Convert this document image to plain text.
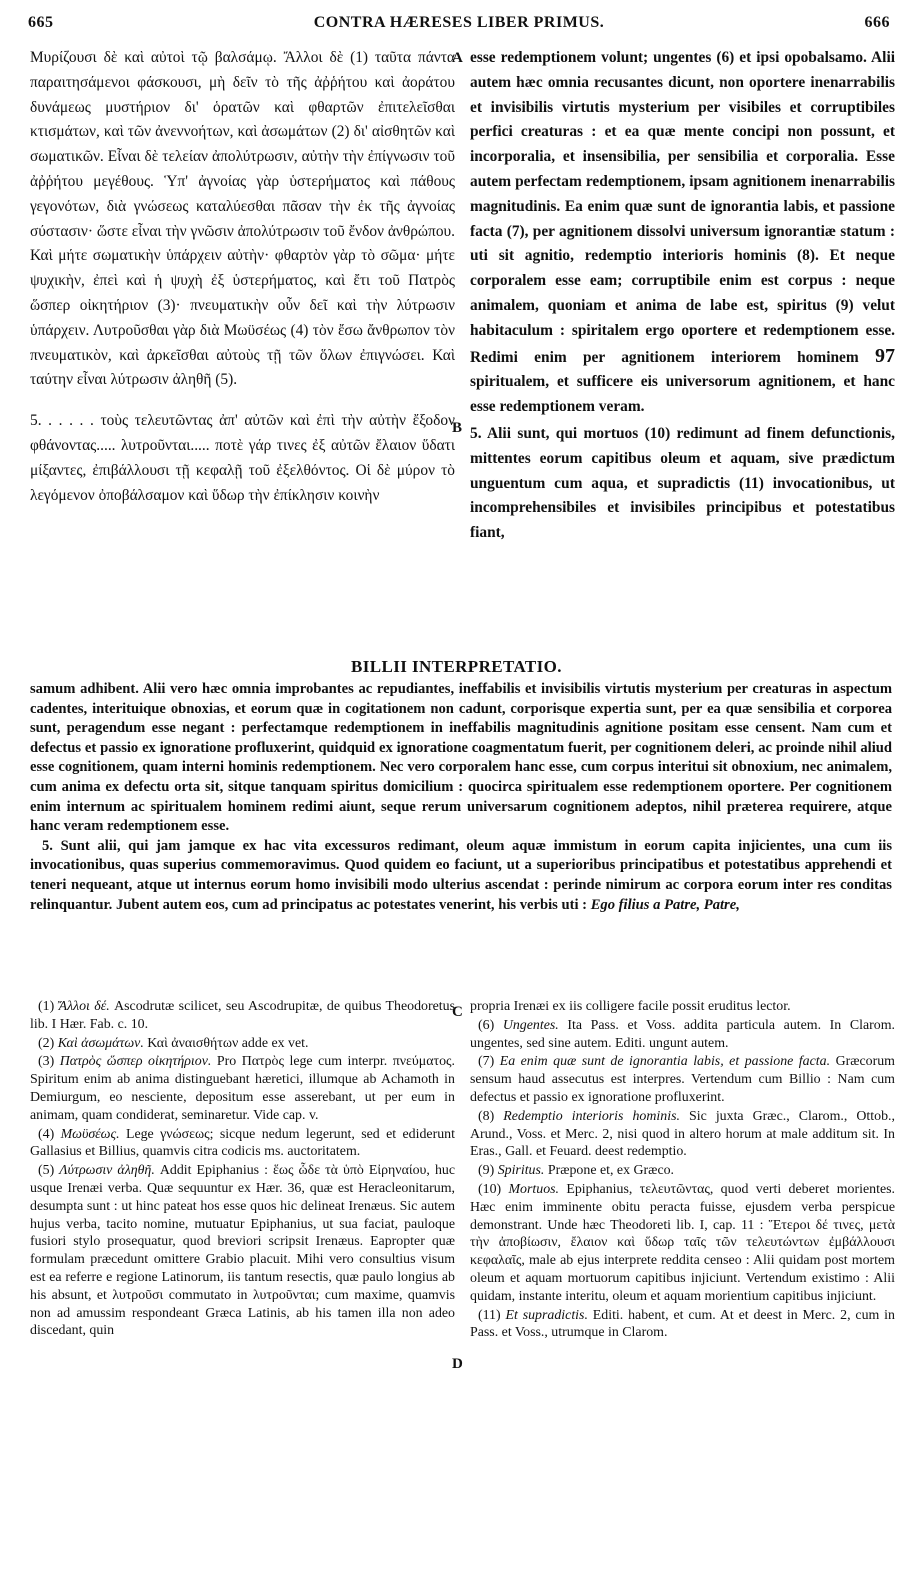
665	CONTRA HÆRESES LIBER PRIMUS.	666
A
B
C
D

Μυρίζουσι δὲ καὶ αὐτοὶ τῷ βαλσάμῳ. Ἄλλοι δὲ (1) ταῦτα πάντα παραιτησάμενοι φάσκουσι, μὴ δεῖν τὸ τῆς ἀῤῥήτου καὶ ἀοράτου δυνάμεως μυστήριον δι' ὁρατῶν καὶ φθαρτῶν ἐπιτελεῖσθαι κτισμάτων, καὶ τῶν ἀνεννοήτων, καὶ ἀσωμάτων (2) δι' αἰσθητῶν καὶ σωματικῶν. Εἶναι δὲ τελείαν ἀπολύτρωσιν, αὐτὴν τὴν ἐπίγνωσιν τοῦ ἀῤῥήτου μεγέθους. Ὑπ' ἀγνοίας γὰρ ὑστερήματος καὶ πάθους γεγονότων, διὰ γνώσεως καταλύεσθαι πᾶσαν τὴν ἐκ τῆς ἀγνοίας σύστασιν· ὥστε εἶναι τὴν γνῶσιν ἀπολύτρωσιν τοῦ ἔνδον ἀνθρώπου. Καὶ μήτε σωματικὴν ὑπάρχειν αὐτὴν· φθαρτὸν γὰρ τὸ σῶμα· μήτε ψυχικὴν, ἐπεὶ καὶ ἡ ψυχὴ ἐξ ὑστερήματος, καὶ ἔτι τοῦ Πατρὸς ὥσπερ οἰκητήριον (3)· πνευματικὴν οὖν δεῖ καὶ τὴν λύτρωσιν ὑπάρχειν. Λυτροῦσθαι γὰρ διὰ Μωϋσέως (4) τὸν ἔσω ἄνθρωπον τὸν πνευματικὸν, καὶ ἀρκεῖσθαι αὐτοὺς τῇ τῶν ὅλων ἐπιγνώσει. Καὶ ταύτην εἶναι λύτρωσιν ἀληθῆ (5).

5. . . . . . τοὺς τελευτῶντας ἀπ' αὐτῶν καὶ ἐπὶ τὴν αὐτὴν ἔξοδον φθάνοντας..... λυτροῦνται..... ποτὲ γάρ τινες ἐξ αὐτῶν ἔλαιον ὕδατι μίξαντες, ἐπιβάλλουσι τῇ κεφαλῇ τοῦ ἐξελθόντος. Οἱ δὲ μύρον τὸ λεγόμενον ὀποβάλσαμον καὶ ὕδωρ τὴν ἐπίκλησιν κοινὴν

esse redemptionem volunt; ungentes (6) et ipsi opobalsamo. Alii autem hæc omnia recusantes dicunt, non oportere inenarrabilis et invisibilis virtutis mysterium per visibiles et corruptibiles perfici creaturas : et ea quæ mente concipi non possunt, et incorporalia, et insensibilia, per sensibilia et corporalia. Esse autem perfectam redemptionem, ipsam agnitionem inenarrabilis magnitudinis. Ea enim quæ sunt de ignorantia labis, et passione facta (7), per agnitionem dissolvi universum ignorantiæ statum : uti sit agnitio, redemptio interioris hominis (8). Et neque corporalem esse eam; corruptibile enim est corpus : neque animalem, quoniam et anima de labe est, spiritus (9) velut habitaculum : spiritalem ergo oportere et redemptionem esse. Redimi enim per agnitionem interiorem hominem 97 spiritualem, et sufficere eis universorum agnitionem, et hanc esse redemptionem veram.

5. Alii sunt, qui mortuos (10) redimunt ad finem defunctionis, mittentes eorum capitibus oleum et aquam, sive prædictum unguentum cum aqua, et supradictis (11) invocationibus, ut incomprehensibiles et invisibiles principibus et potestatibus fiant,

BILLII INTERPRETATIO.

samum adhibent. Alii vero hæc omnia improbantes ac repudiantes, ineffabilis et invisibilis virtutis mysterium per creaturas in aspectum cadentes, interituique obnoxias, et eorum quæ in cogitationem non cadunt, corporisque expertia sunt, per ea quæ sensibilia et corporea sunt, peragendum esse negant : perfectamque redemptionem in ineffabilis magnitudinis agnitione positam esse censent. Nam cum et defectus et passio ex ignoratione profluxerint, quidquid ex ignoratione coagmentatum fuerit, per cognitionem deleri, ac proinde nihil aliud esse cognitionem, quam interni hominis redemptionem. Nec vero corporalem hanc esse, cum corpus interitui sit obnoxium, nec animalem, cum anima ex defectu orta sit, sitque tanquam spiritus domicilium : quocirca spiritualem esse redemptionem oportere. Per cognitionem enim internum ac spiritualem hominem redimi aiunt, seque rerum universarum cognitionem adeptos, nihil præterea requirere, atque hanc veram redemptionem esse.

5. Sunt alii, qui jam jamque ex hac vita excessuros redimant, oleum aquæ immistum in eorum capita injicientes, una cum iis invocationibus, quas superius commemoravimus. Quod quidem eo faciunt, ut a superioribus principatibus et potestatibus apprehendi et teneri nequeant, atque ut internus eorum homo invisibili modo ulterius ascendat : perinde nimirum ac corpora eorum inter res conditas relinquantur. Jubent autem eos, cum ad principatus ac potestates venerint, his verbis uti : Ego filius a Patre, Patre,

(1) Ἄλλοι δέ. Ascodrutæ scilicet, seu Ascodrupitæ, de quibus Theodoretus lib. I Hær. Fab. c. 10.

(2) Καὶ ἀσωμάτων. Καὶ ἀναισθήτων adde ex vet.

(3) Πατρὸς ὥσπερ οἰκητήριον. Pro Πατρὸς lege cum interpr. πνεύματος. Spiritum enim ab anima distinguebant hæretici, illumque ab Achamoth in Demiurgum, eo nesciente, depositum esse asserebant, ut per eum in animam, quam condiderat, seminaretur. Vide cap. v.

(4) Μωϋσέως. Lege γνώσεως; sicque nedum legerunt, sed et ediderunt Gallasius et Billius, quamvis citra codicis ms. auctoritatem.

(5) Λύτρωσιν ἀληθῆ. Addit Epiphanius : ἕως ὧδε τὰ ὑπὸ Εἰρηναίου, huc usque Irenæi verba. Quæ sequuntur ex Hær. 36, quæ est Heracleonitarum, desumpta sunt : ut hinc pateat hos esse quos hic delineat Irenæus. Sic autem hujus verba, tacito nomine, mutuatur Epiphanius, ut sua faciat, pauloque fusiori stylo prosequatur, quod breviori scripsit Irenæus. Eapropter quæ formulam præcedunt omittere Grabio placuit. Mihi vero consultius visum est ea referre e regione Latinorum, iis tantum resectis, quæ paulo longius ab his absunt, et λυτροῦσι commutato in λυτροῦνται; cum maxime, quamvis non ad amussim respondeant Græca Latinis, ab his tamen illa non adeo discedant, quin

propria Irenæi ex iis colligere facile possit eruditus lector.

(6) Ungentes. Ita Pass. et Voss. addita particula autem. In Clarom. ungentes, sed sine autem. Editi. ungunt autem.

(7) Ea enim quæ sunt de ignorantia labis, et passione facta. Græcorum sensum haud assecutus est interpres. Vertendum cum Billio : Nam cum defectus et passio ex ignoratione profluxerint.

(8) Redemptio interioris hominis. Sic juxta Græc., Clarom., Ottob., Arund., Voss. et Merc. 2, nisi quod in altero horum at male additum sit. In Eras., Gall. et Feuard. deest redemptio.

(9) Spiritus. Præpone et, ex Græco.

(10) Mortuos. Epiphanius, τελευτῶντας, quod verti deberet morientes. Hæc enim imminente obitu peracta fuisse, ejusdem verba perspicue demonstrant. Unde hæc Theodoreti lib. I, cap. 11 : Ἕτεροι δέ τινες, μετὰ τὴν ἀποβίωσιν, ἔλαιον καὶ ὕδωρ ταῖς τῶν τελευτώντων ἐμβάλλουσι κεφαλαῖς, male ab ejus interprete reddita censeo : Alii quidam post mortem oleum et aquam mortuorum capitibus injiciunt. Vertendum existimo : Alii quidam, instante interitu, oleum et aquam morientium capitibus injiciunt.

(11) Et supradictis. Editi. habent, et cum. At et deest in Merc. 2, cum in Pass. et Voss., utrumque in Clarom.
